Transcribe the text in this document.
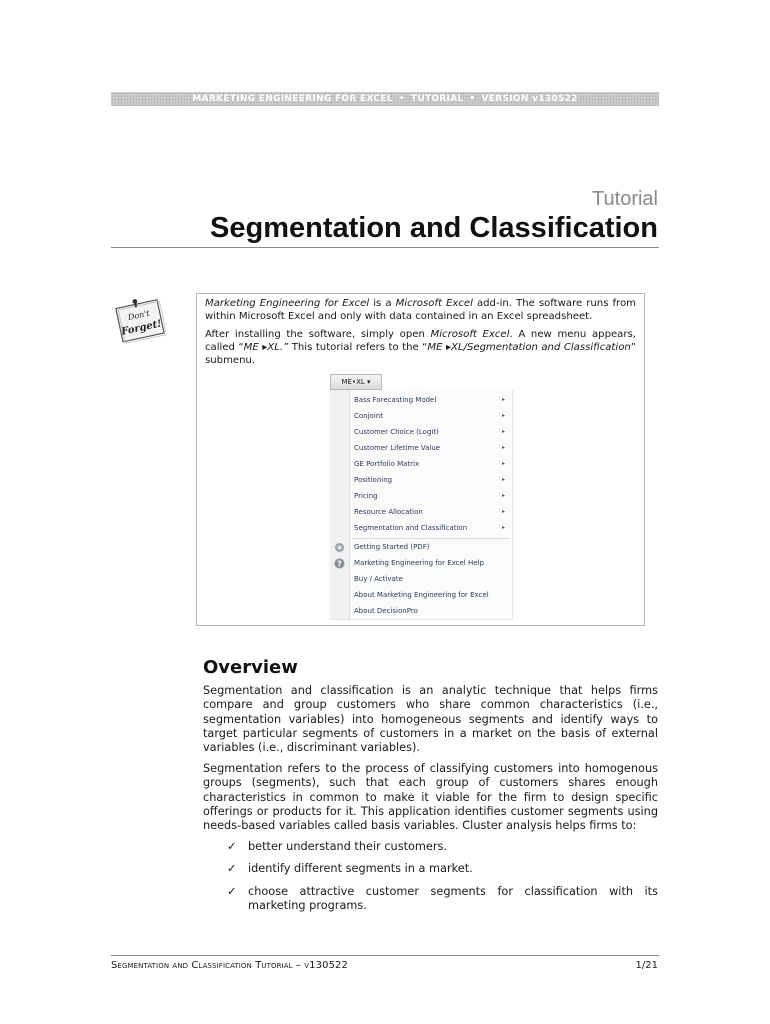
MARKETING ENGINEERING FOR EXCEL • TUTORIAL • VERSION v130522
Tutorial
Segmentation and Classification
Don't
Forget!

Marketing Engineering for Excel is a Microsoft Excel add-in. The software runs from within Microsoft Excel and only with data contained in an Excel spreadsheet.

After installing the software, simply open Microsoft Excel. A new menu appears, called “ME ▸XL.” This tutorial refers to the “ME ▸XL/Segmentation and Classification” submenu.

ME•XL ▾
Bass Forecasting Model	▸
Conjoint	▸
Customer Choice (Logit)	▸
Customer Lifetime Value	▸
GE Portfolio Matrix	▸
Positioning	▸
Pricing	▸
Resource Allocation	▸
Segmentation and Classification	▸
Getting Started (PDF)
? Marketing Engineering for Excel Help
Buy / Activate
About Marketing Engineering for Excel
About DecisionPro
Overview

Segmentation and classification is an analytic technique that helps firms compare and group customers who share common characteristics (i.e., segmentation variables) into homogeneous segments and identify ways to target particular segments of customers in a market on the basis of external variables (i.e., discriminant variables).

Segmentation refers to the process of classifying customers into homogenous groups (segments), such that each group of customers shares enough characteristics in common to make it viable for the firm to design specific offerings or products for it. This application identifies customer segments using needs-based variables called basis variables. Cluster analysis helps firms to:

✓ better understand their customers.
✓ identify different segments in a market.
✓ choose attractive customer segments for classification with its marketing programs.
Segmentation and Classification Tutorial – v130522	1/21
